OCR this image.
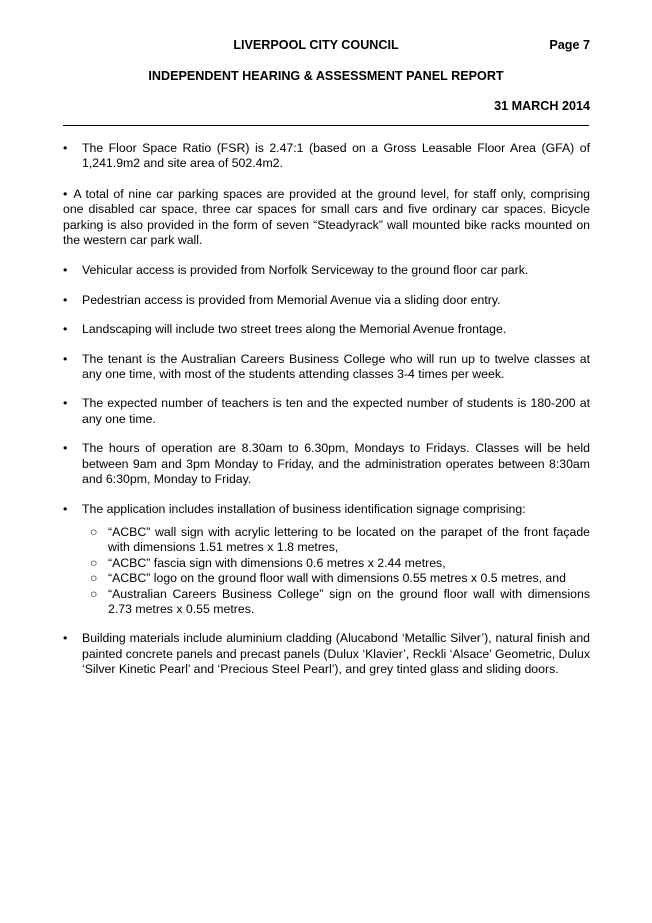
LIVERPOOL CITY COUNCIL	Page 7
INDEPENDENT HEARING & ASSESSMENT PANEL REPORT
31 MARCH 2014
• The Floor Space Ratio (FSR) is 2.47:1 (based on a Gross Leasable Floor Area (GFA) of 1,241.9m2 and site area of 502.4m2.
• A total of nine car parking spaces are provided at the ground level, for staff only, comprising one disabled car space, three car spaces for small cars and five ordinary car spaces. Bicycle parking is also provided in the form of seven “Steadyrack” wall mounted bike racks mounted on the western car park wall.
• Vehicular access is provided from Norfolk Serviceway to the ground floor car park.
• Pedestrian access is provided from Memorial Avenue via a sliding door entry.
• Landscaping will include two street trees along the Memorial Avenue frontage.
• The tenant is the Australian Careers Business College who will run up to twelve classes at any one time, with most of the students attending classes 3-4 times per week.
• The expected number of teachers is ten and the expected number of students is 180-200 at any one time.
• The hours of operation are 8.30am to 6.30pm, Mondays to Fridays. Classes will be held between 9am and 3pm Monday to Friday, and the administration operates between 8:30am and 6:30pm, Monday to Friday.
• The application includes installation of business identification signage comprising:
○ “ACBC” wall sign with acrylic lettering to be located on the parapet of the front façade with dimensions 1.51 metres x 1.8 metres,
○ “ACBC” fascia sign with dimensions 0.6 metres x 2.44 metres,
○ “ACBC” logo on the ground floor wall with dimensions 0.55 metres x 0.5 metres, and
○ “Australian Careers Business College” sign on the ground floor wall with dimensions 2.73 metres x 0.55 metres.
• Building materials include aluminium cladding (Alucabond ‘Metallic Silver’), natural finish and painted concrete panels and precast panels (Dulux ‘Klavier’, Reckli ‘Alsace’ Geometric, Dulux ‘Silver Kinetic Pearl’ and ‘Precious Steel Pearl’), and grey tinted glass and sliding doors.
